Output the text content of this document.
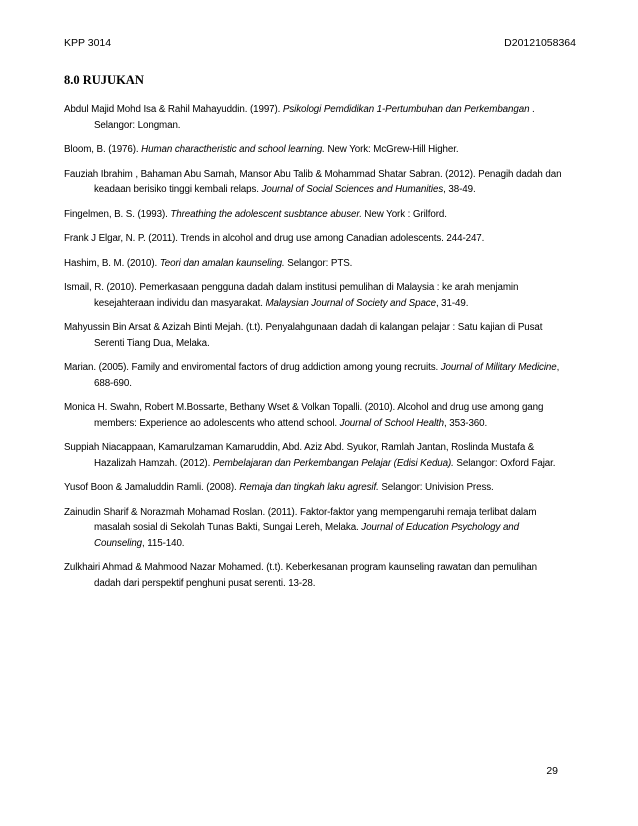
KPP 3014	D20121058364
8.0 RUJUKAN

Abdul Majid Mohd Isa & Rahil Mahayuddin. (1997). Psikologi Pemdidikan 1-Pertumbuhan dan Perkembangan . Selangor: Longman.

Bloom, B. (1976). Human charactheristic and school learning. New York: McGrew-Hill Higher.

Fauziah Ibrahim , Bahaman Abu Samah, Mansor Abu Talib & Mohammad Shatar Sabran. (2012). Penagih dadah dan keadaan berisiko tinggi kembali relaps. Journal of Social Sciences and Humanities, 38-49.

Fingelmen, B. S. (1993). Threathing the adolescent susbtance abuser. New York : Grilford.

Frank J Elgar, N. P. (2011). Trends in alcohol and drug use among Canadian adolescents. 244-247.

Hashim, B. M. (2010). Teori dan amalan kaunseling. Selangor: PTS.

Ismail, R. (2010). Pemerkasaan pengguna dadah dalam institusi pemulihan di Malaysia : ke arah menjamin kesejahteraan individu dan masyarakat. Malaysian Journal of Society and Space, 31-49.

Mahyussin Bin Arsat & Azizah Binti Mejah. (t.t). Penyalahgunaan dadah di kalangan pelajar : Satu kajian di Pusat Serenti Tiang Dua, Melaka.

Marian. (2005). Family and enviromental factors of drug addiction among young recruits. Journal of Military Medicine, 688-690.

Monica H. Swahn, Robert M.Bossarte, Bethany Wset & Volkan Topalli. (2010). Alcohol and drug use among gang members: Experience ao adolescents who attend school. Journal of School Health, 353-360.

Suppiah Niacappaan, Kamarulzaman Kamaruddin, Abd. Aziz Abd. Syukor, Ramlah Jantan, Roslinda Mustafa & Hazalizah Hamzah. (2012). Pembelajaran dan Perkembangan Pelajar (Edisi Kedua). Selangor: Oxford Fajar.

Yusof Boon & Jamaluddin Ramli. (2008). Remaja dan tingkah laku agresif. Selangor: Univision Press.

Zainudin Sharif & Norazmah Mohamad Roslan. (2011). Faktor-faktor yang mempengaruhi remaja terlibat dalam masalah sosial di Sekolah Tunas Bakti, Sungai Lereh, Melaka. Journal of Education Psychology and Counseling, 115-140.

Zulkhairi Ahmad & Mahmood Nazar Mohamed. (t.t). Keberkesanan program kaunseling rawatan dan pemulihan dadah dari perspektif penghuni pusat serenti. 13-28.

29
